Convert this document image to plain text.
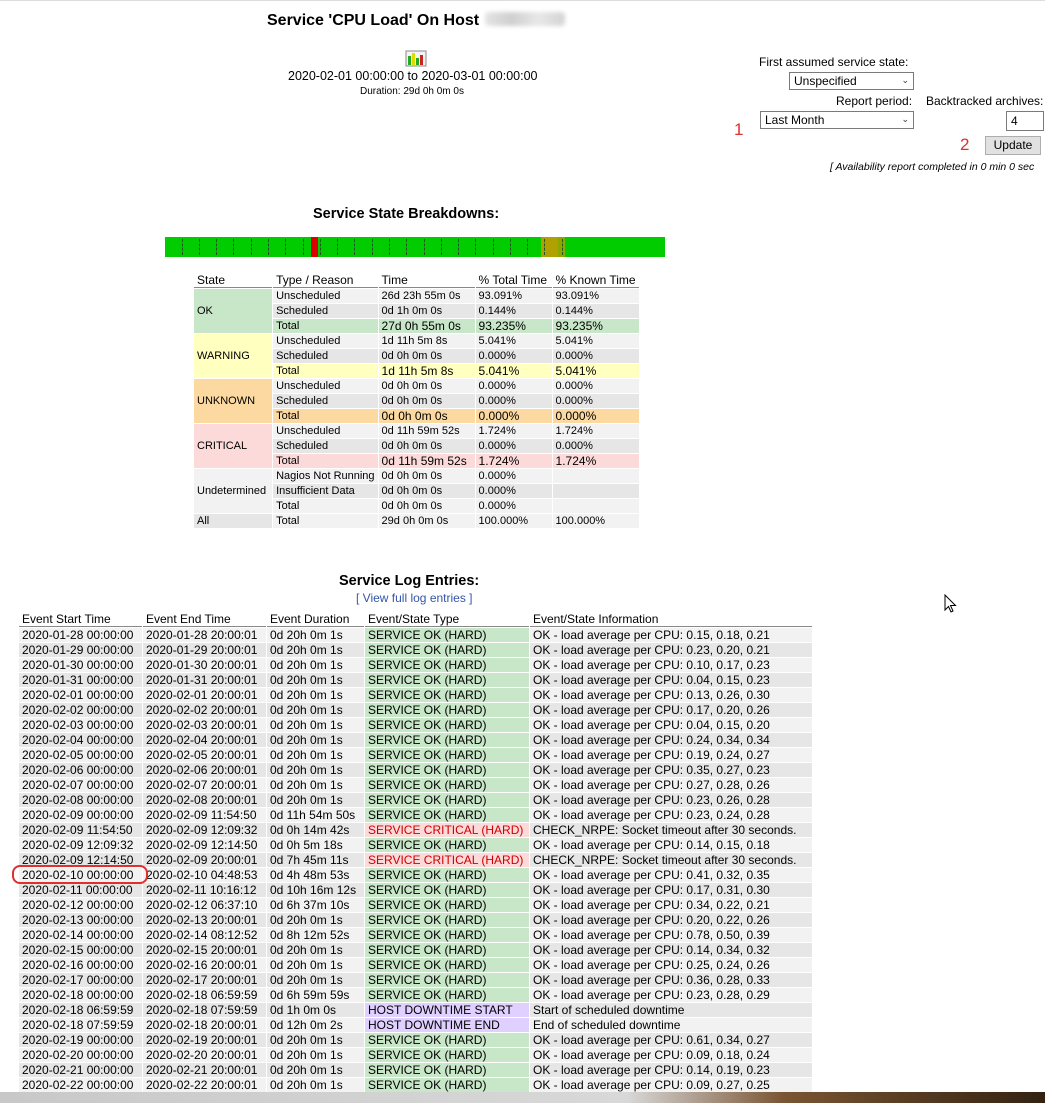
Service 'CPU Load' On Host
2020-02-01 00:00:00 to 2020-03-01 00:00:00
Duration: 29d 0h 0m 0s
First assumed service state:
Unspecified	⌄
Report period: Backtracked archives:
Last Month	⌄	4
1
2	Update
[ Availability report completed in 0 min 0 sec
Service State Breakdowns:
State	Type / Reason	Time	% Total Time	% Known Time
OK	Unscheduled	26d 23h 55m 0s	93.091%	93.091%
	Scheduled	0d 1h 0m 0s	0.144%	0.144%
	Total	27d 0h 55m 0s	93.235%	93.235%
WARNING	Unscheduled	1d 11h 5m 8s	5.041%	5.041%
	Scheduled	0d 0h 0m 0s	0.000%	0.000%
	Total	1d 11h 5m 8s	5.041%	5.041%
UNKNOWN	Unscheduled	0d 0h 0m 0s	0.000%	0.000%
	Scheduled	0d 0h 0m 0s	0.000%	0.000%
	Total	0d 0h 0m 0s	0.000%	0.000%
CRITICAL	Unscheduled	0d 11h 59m 52s	1.724%	1.724%
	Scheduled	0d 0h 0m 0s	0.000%	0.000%
	Total	0d 11h 59m 52s	1.724%	1.724%
Undetermined	Nagios Not Running	0d 0h 0m 0s	0.000%	
	Insufficient Data	0d 0h 0m 0s	0.000%	
	Total	0d 0h 0m 0s	0.000%	
All	Total	29d 0h 0m 0s	100.000%	100.000%
Service Log Entries:
[ View full log entries ]
Event Start Time	Event End Time	Event Duration	Event/State Type	Event/State Information
2020-01-28 00:00:00	2020-01-28 20:00:01	0d 20h 0m 1s	SERVICE OK (HARD)	OK - load average per CPU: 0.15, 0.18, 0.21
2020-01-29 00:00:00	2020-01-29 20:00:01	0d 20h 0m 1s	SERVICE OK (HARD)	OK - load average per CPU: 0.23, 0.20, 0.21
2020-01-30 00:00:00	2020-01-30 20:00:01	0d 20h 0m 1s	SERVICE OK (HARD)	OK - load average per CPU: 0.10, 0.17, 0.23
2020-01-31 00:00:00	2020-01-31 20:00:01	0d 20h 0m 1s	SERVICE OK (HARD)	OK - load average per CPU: 0.04, 0.15, 0.23
2020-02-01 00:00:00	2020-02-01 20:00:01	0d 20h 0m 1s	SERVICE OK (HARD)	OK - load average per CPU: 0.13, 0.26, 0.30
2020-02-02 00:00:00	2020-02-02 20:00:01	0d 20h 0m 1s	SERVICE OK (HARD)	OK - load average per CPU: 0.17, 0.20, 0.26
2020-02-03 00:00:00	2020-02-03 20:00:01	0d 20h 0m 1s	SERVICE OK (HARD)	OK - load average per CPU: 0.04, 0.15, 0.20
2020-02-04 00:00:00	2020-02-04 20:00:01	0d 20h 0m 1s	SERVICE OK (HARD)	OK - load average per CPU: 0.24, 0.34, 0.34
2020-02-05 00:00:00	2020-02-05 20:00:01	0d 20h 0m 1s	SERVICE OK (HARD)	OK - load average per CPU: 0.19, 0.24, 0.27
2020-02-06 00:00:00	2020-02-06 20:00:01	0d 20h 0m 1s	SERVICE OK (HARD)	OK - load average per CPU: 0.35, 0.27, 0.23
2020-02-07 00:00:00	2020-02-07 20:00:01	0d 20h 0m 1s	SERVICE OK (HARD)	OK - load average per CPU: 0.27, 0.28, 0.26
2020-02-08 00:00:00	2020-02-08 20:00:01	0d 20h 0m 1s	SERVICE OK (HARD)	OK - load average per CPU: 0.23, 0.26, 0.28
2020-02-09 00:00:00	2020-02-09 11:54:50	0d 11h 54m 50s	SERVICE OK (HARD)	OK - load average per CPU: 0.23, 0.24, 0.28
2020-02-09 11:54:50	2020-02-09 12:09:32	0d 0h 14m 42s	SERVICE CRITICAL (HARD)	CHECK_NRPE: Socket timeout after 30 seconds.
2020-02-09 12:09:32	2020-02-09 12:14:50	0d 0h 5m 18s	SERVICE OK (HARD)	OK - load average per CPU: 0.14, 0.15, 0.18
2020-02-09 12:14:50	2020-02-09 20:00:01	0d 7h 45m 11s	SERVICE CRITICAL (HARD)	CHECK_NRPE: Socket timeout after 30 seconds.
2020-02-10 00:00:00	2020-02-10 04:48:53	0d 4h 48m 53s	SERVICE OK (HARD)	OK - load average per CPU: 0.41, 0.32, 0.35
2020-02-11 00:00:00	2020-02-11 10:16:12	0d 10h 16m 12s	SERVICE OK (HARD)	OK - load average per CPU: 0.17, 0.31, 0.30
2020-02-12 00:00:00	2020-02-12 06:37:10	0d 6h 37m 10s	SERVICE OK (HARD)	OK - load average per CPU: 0.34, 0.22, 0.21
2020-02-13 00:00:00	2020-02-13 20:00:01	0d 20h 0m 1s	SERVICE OK (HARD)	OK - load average per CPU: 0.20, 0.22, 0.26
2020-02-14 00:00:00	2020-02-14 08:12:52	0d 8h 12m 52s	SERVICE OK (HARD)	OK - load average per CPU: 0.78, 0.50, 0.39
2020-02-15 00:00:00	2020-02-15 20:00:01	0d 20h 0m 1s	SERVICE OK (HARD)	OK - load average per CPU: 0.14, 0.34, 0.32
2020-02-16 00:00:00	2020-02-16 20:00:01	0d 20h 0m 1s	SERVICE OK (HARD)	OK - load average per CPU: 0.25, 0.24, 0.26
2020-02-17 00:00:00	2020-02-17 20:00:01	0d 20h 0m 1s	SERVICE OK (HARD)	OK - load average per CPU: 0.36, 0.28, 0.33
2020-02-18 00:00:00	2020-02-18 06:59:59	0d 6h 59m 59s	SERVICE OK (HARD)	OK - load average per CPU: 0.23, 0.28, 0.29
2020-02-18 06:59:59	2020-02-18 07:59:59	0d 1h 0m 0s	HOST DOWNTIME START	Start of scheduled downtime
2020-02-18 07:59:59	2020-02-18 20:00:01	0d 12h 0m 2s	HOST DOWNTIME END	End of scheduled downtime
2020-02-19 00:00:00	2020-02-19 20:00:01	0d 20h 0m 1s	SERVICE OK (HARD)	OK - load average per CPU: 0.61, 0.34, 0.27
2020-02-20 00:00:00	2020-02-20 20:00:01	0d 20h 0m 1s	SERVICE OK (HARD)	OK - load average per CPU: 0.09, 0.18, 0.24
2020-02-21 00:00:00	2020-02-21 20:00:01	0d 20h 0m 1s	SERVICE OK (HARD)	OK - load average per CPU: 0.14, 0.19, 0.23
2020-02-22 00:00:00	2020-02-22 20:00:01	0d 20h 0m 1s	SERVICE OK (HARD)	OK - load average per CPU: 0.09, 0.27, 0.25
